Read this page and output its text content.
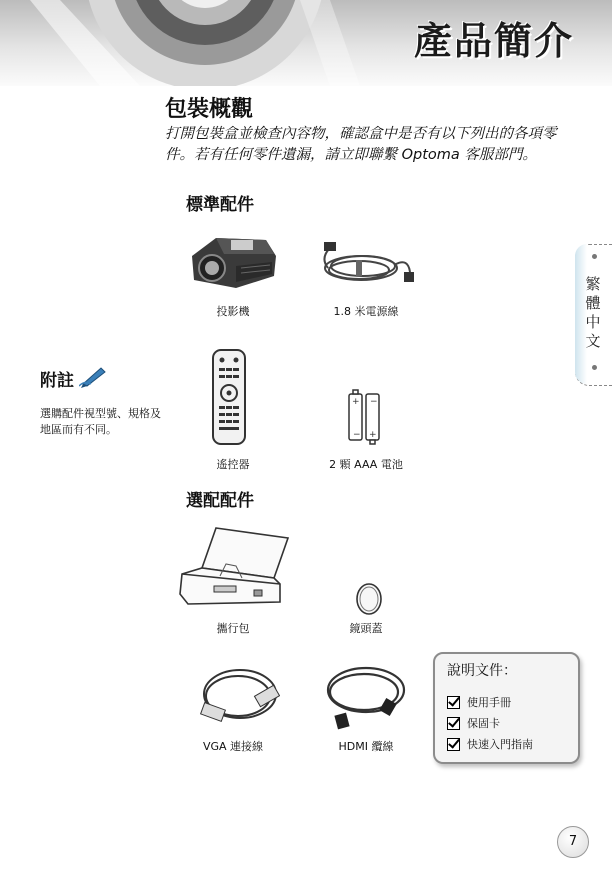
產品簡介
包裝概觀
打開包裝盒並檢查內容物，確認盒中是否有以下列出的各項零件。若有任何零件遺漏，請立即聯繫 Optoma 客服部門。
標準配件
投影機	1.8 米電源線
遙控器
+
−
−
+
2 顆 AAA 電池
附註
選購配件視型號、規格及地區而有不同。
選配配件
攜行包	鏡頭蓋
VGA 連接線	HDMI 纜線
說明文件：
使用手冊
保固卡
快速入門指南
繁體中文
7
